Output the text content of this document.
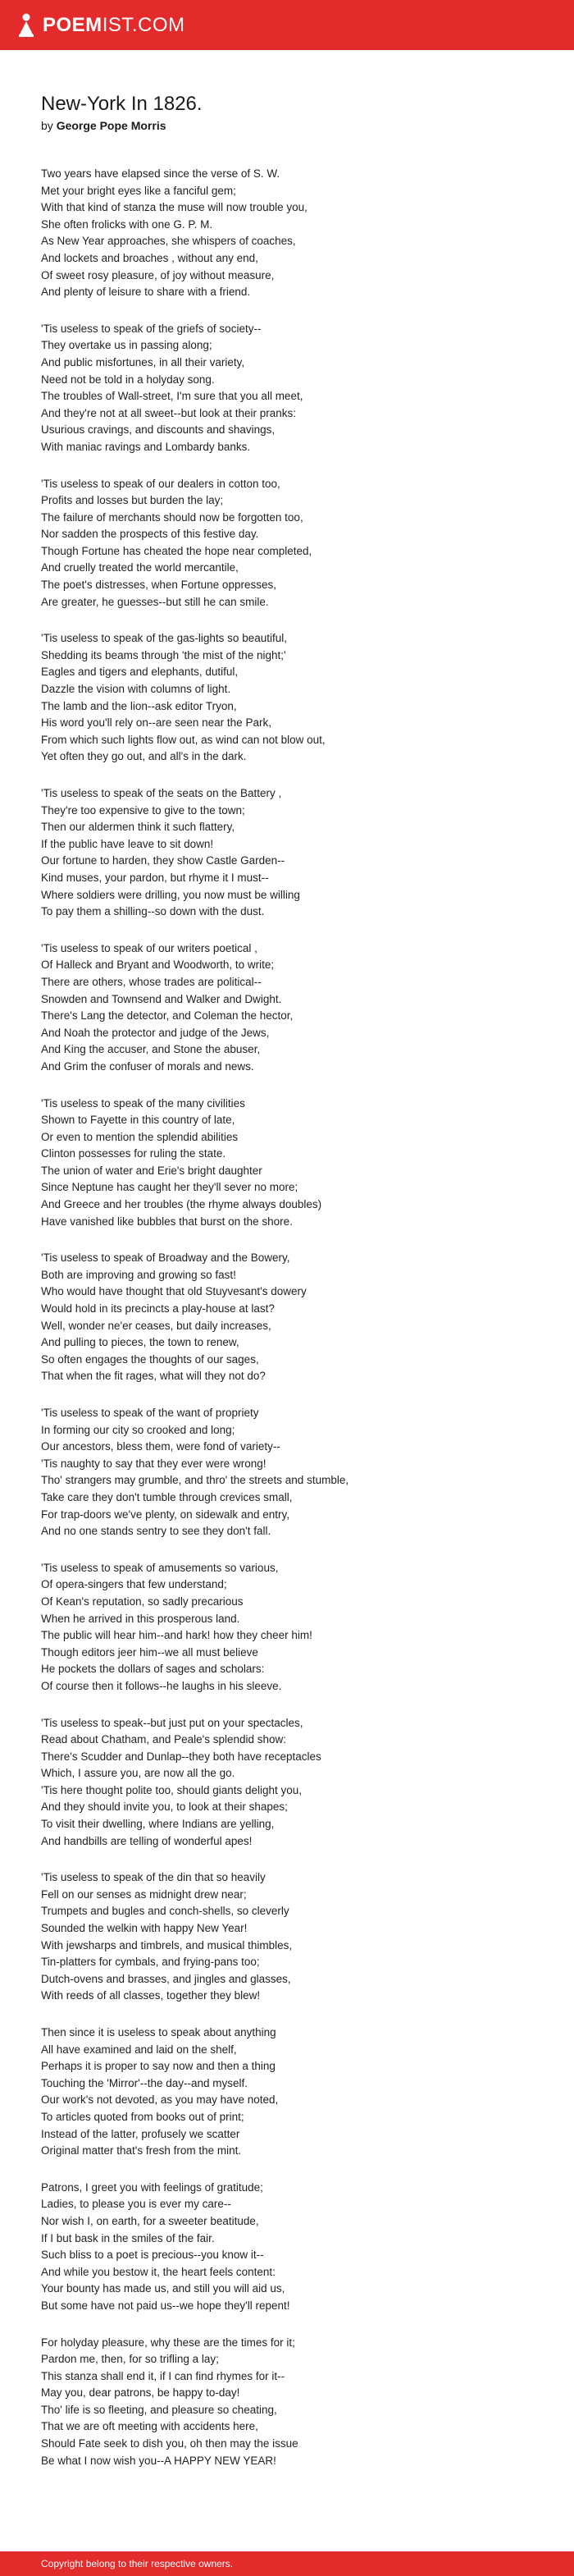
POEMIST.COM
New-York In 1826.
by George Pope Morris
Two years have elapsed since the verse of S. W.
Met your bright eyes like a fanciful gem;
With that kind of stanza the muse will now trouble you,
She often frolicks with one G. P. M.
As New Year approaches, she whispers of coaches,
And lockets and broaches , without any end,
Of sweet rosy pleasure, of joy without measure,
And plenty of leisure to share with a friend.
'Tis useless to speak of the griefs of society--
They overtake us in passing along;
And public misfortunes, in all their variety,
Need not be told in a holyday song.
The troubles of Wall-street, I'm sure that you all meet,
And they're not at all sweet--but look at their pranks:
Usurious cravings, and discounts and shavings,
With maniac ravings and Lombardy banks.
'Tis useless to speak of our dealers in cotton too,
Profits and losses but burden the lay;
The failure of merchants should now be forgotten too,
Nor sadden the prospects of this festive day.
Though Fortune has cheated the hope near completed,
And cruelly treated the world mercantile,
The poet's distresses, when Fortune oppresses,
Are greater, he guesses--but still he can smile.
'Tis useless to speak of the gas-lights so beautiful,
Shedding its beams through 'the mist of the night;'
Eagles and tigers and elephants, dutiful,
Dazzle the vision with columns of light.
The lamb and the lion--ask editor Tryon,
His word you'll rely on--are seen near the Park,
From which such lights flow out, as wind can not blow out,
Yet often they go out, and all's in the dark.
'Tis useless to speak of the seats on the Battery ,
They're too expensive to give to the town;
Then our aldermen think it such flattery,
If the public have leave to sit down!
Our fortune to harden, they show Castle Garden--
Kind muses, your pardon, but rhyme it I must--
Where soldiers were drilling, you now must be willing
To pay them a shilling--so down with the dust.
'Tis useless to speak of our writers poetical ,
Of Halleck and Bryant and Woodworth, to write;
There are others, whose trades are political--
Snowden and Townsend and Walker and Dwight.
There's Lang the detector, and Coleman the hector,
And Noah the protector and judge of the Jews,
And King the accuser, and Stone the abuser,
And Grim the confuser of morals and news.
'Tis useless to speak of the many civilities
Shown to Fayette in this country of late,
Or even to mention the splendid abilities
Clinton possesses for ruling the state.
The union of water and Erie's bright daughter
Since Neptune has caught her they'll sever no more;
And Greece and her troubles (the rhyme always doubles)
Have vanished like bubbles that burst on the shore.
'Tis useless to speak of Broadway and the Bowery,
Both are improving and growing so fast!
Who would have thought that old Stuyvesant's dowery
Would hold in its precincts a play-house at last?
Well, wonder ne'er ceases, but daily increases,
And pulling to pieces, the town to renew,
So often engages the thoughts of our sages,
That when the fit rages, what will they not do?
'Tis useless to speak of the want of propriety
In forming our city so crooked and long;
Our ancestors, bless them, were fond of variety--
'Tis naughty to say that they ever were wrong!
Tho' strangers may grumble, and thro' the streets and stumble,
Take care they don't tumble through crevices small,
For trap-doors we've plenty, on sidewalk and entry,
And no one stands sentry to see they don't fall.
'Tis useless to speak of amusements so various,
Of opera-singers that few understand;
Of Kean's reputation, so sadly precarious
When he arrived in this prosperous land.
The public will hear him--and hark! how they cheer him!
Though editors jeer him--we all must believe
He pockets the dollars of sages and scholars:
Of course then it follows--he laughs in his sleeve.
'Tis useless to speak--but just put on your spectacles,
Read about Chatham, and Peale's splendid show:
There's Scudder and Dunlap--they both have receptacles
Which, I assure you, are now all the go.
'Tis here thought polite too, should giants delight you,
And they should invite you, to look at their shapes;
To visit their dwelling, where Indians are yelling,
And handbills are telling of wonderful apes!
'Tis useless to speak of the din that so heavily
Fell on our senses as midnight drew near;
Trumpets and bugles and conch-shells, so cleverly
Sounded the welkin with happy New Year!
With jewsharps and timbrels, and musical thimbles,
Tin-platters for cymbals, and frying-pans too;
Dutch-ovens and brasses, and jingles and glasses,
With reeds of all classes, together they blew!
Then since it is useless to speak about anything
All have examined and laid on the shelf,
Perhaps it is proper to say now and then a thing
Touching the 'Mirror'--the day--and myself.
Our work's not devoted, as you may have noted,
To articles quoted from books out of print;
Instead of the latter, profusely we scatter
Original matter that's fresh from the mint.
Patrons, I greet you with feelings of gratitude;
Ladies, to please you is ever my care--
Nor wish I, on earth, for a sweeter beatitude,
If I but bask in the smiles of the fair.
Such bliss to a poet is precious--you know it--
And while you bestow it, the heart feels content:
Your bounty has made us, and still you will aid us,
But some have not paid us--we hope they'll repent!
For holyday pleasure, why these are the times for it;
Pardon me, then, for so trifling a lay;
This stanza shall end it, if I can find rhymes for it--
May you, dear patrons, be happy to-day!
Tho' life is so fleeting, and pleasure so cheating,
That we are oft meeting with accidents here,
Should Fate seek to dish you, oh then may the issue
Be what I now wish you--A HAPPY NEW YEAR!
Copyright belong to their respective owners.
